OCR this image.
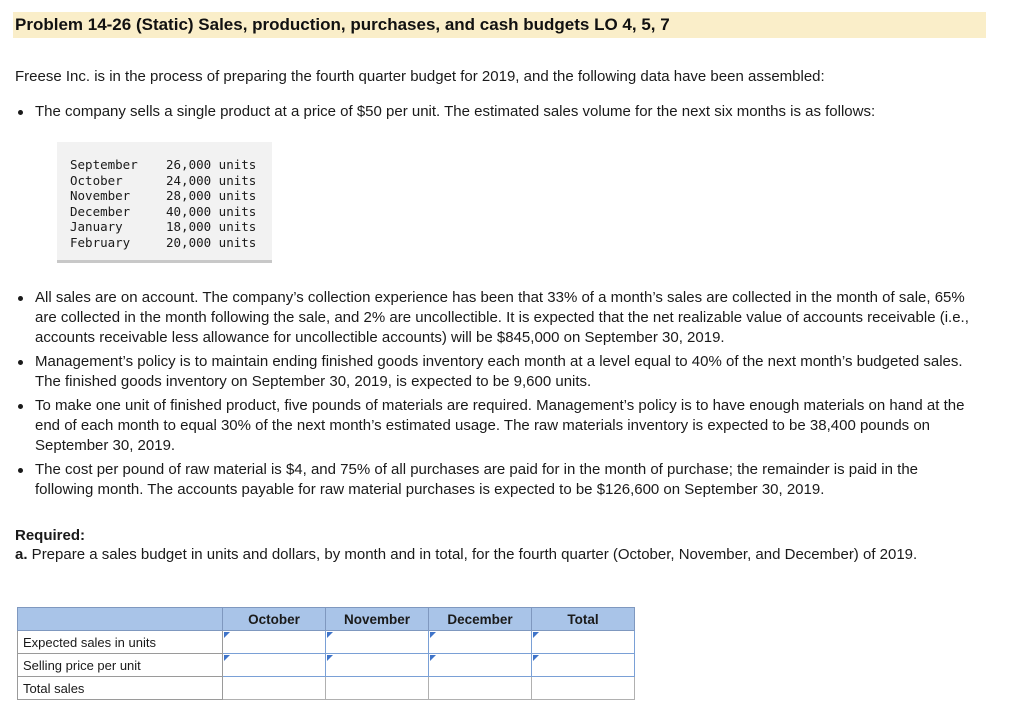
Problem 14-26 (Static) Sales, production, purchases, and cash budgets LO 4, 5, 7

Freese Inc. is in the process of preparing the fourth quarter budget for 2019, and the following data have been assembled:

The company sells a single product at a price of $50 per unit. The estimated sales volume for the next six months is as follows:
September	26,000 units
October	24,000 units
November	28,000 units
December	40,000 units
January	18,000 units
February	20,000 units
All sales are on account. The company’s collection experience has been that 33% of a month’s sales are collected in the month of sale, 65% are collected in the month following the sale, and 2% are uncollectible. It is expected that the net realizable value of accounts receivable (i.e., accounts receivable less allowance for uncollectible accounts) will be $845,000 on September 30, 2019.
Management’s policy is to maintain ending finished goods inventory each month at a level equal to 40% of the next month’s budgeted sales. The finished goods inventory on September 30, 2019, is expected to be 9,600 units.
To make one unit of finished product, five pounds of materials are required. Management’s policy is to have enough materials on hand at the end of each month to equal 30% of the next month’s estimated usage. The raw materials inventory is expected to be 38,400 pounds on September 30, 2019.
The cost per pound of raw material is $4, and 75% of all purchases are paid for in the month of purchase; the remainder is paid in the following month. The accounts payable for raw material purchases is expected to be $126,600 on September 30, 2019.
Required:
a. Prepare a sales budget in units and dollars, by month and in total, for the fourth quarter (October, November, and December) of 2019.
	October	November	December	Total
Expected sales in units				
Selling price per unit				
Total sales				
